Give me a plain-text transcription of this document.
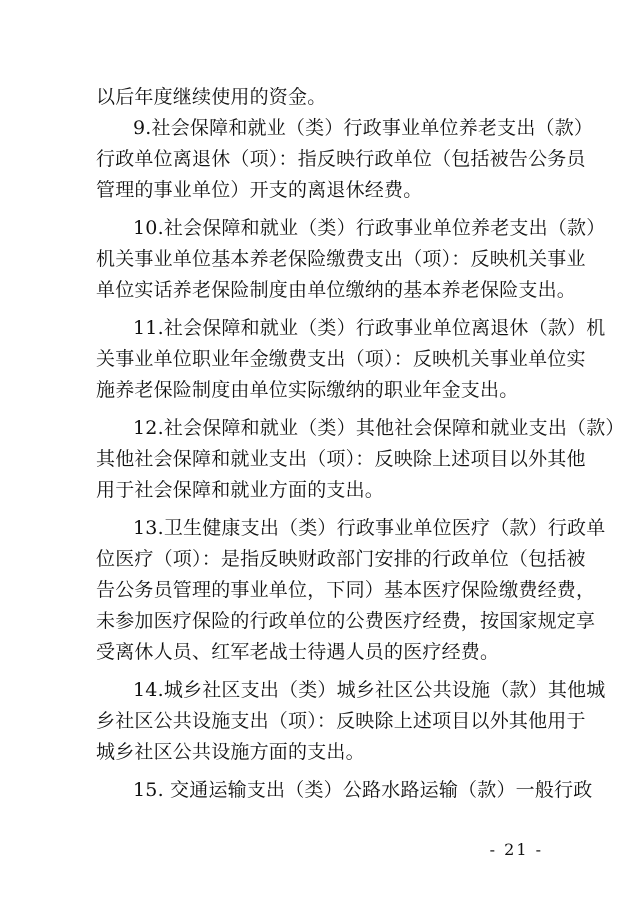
以后年度继续使用的资金。
9.社会保障和就业（类）行政事业单位养老支出（款）
行政单位离退休（项）：指反映行政单位（包括被告公务员
管理的事业单位）开支的离退休经费。
10.社会保障和就业（类）行政事业单位养老支出（款）
机关事业单位基本养老保险缴费支出（项）：反映机关事业
单位实话养老保险制度由单位缴纳的基本养老保险支出。
11.社会保障和就业（类）行政事业单位离退休（款）机
关事业单位职业年金缴费支出（项）：反映机关事业单位实
施养老保险制度由单位实际缴纳的职业年金支出。
12.社会保障和就业（类）其他社会保障和就业支出（款）
其他社会保障和就业支出（项）：反映除上述项目以外其他
用于社会保障和就业方面的支出。
13.卫生健康支出（类）行政事业单位医疗（款）行政单
位医疗（项）：是指反映财政部门安排的行政单位（包括被
告公务员管理的事业单位，下同）基本医疗保险缴费经费，
未参加医疗保险的行政单位的公费医疗经费，按国家规定享
受离休人员、红军老战士待遇人员的医疗经费。
14.城乡社区支出（类）城乡社区公共设施（款）其他城
乡社区公共设施支出（项）：反映除上述项目以外其他用于
城乡社区公共设施方面的支出。
15. 交通运输支出（类）公路水路运输（款）一般行政
- 21 -
